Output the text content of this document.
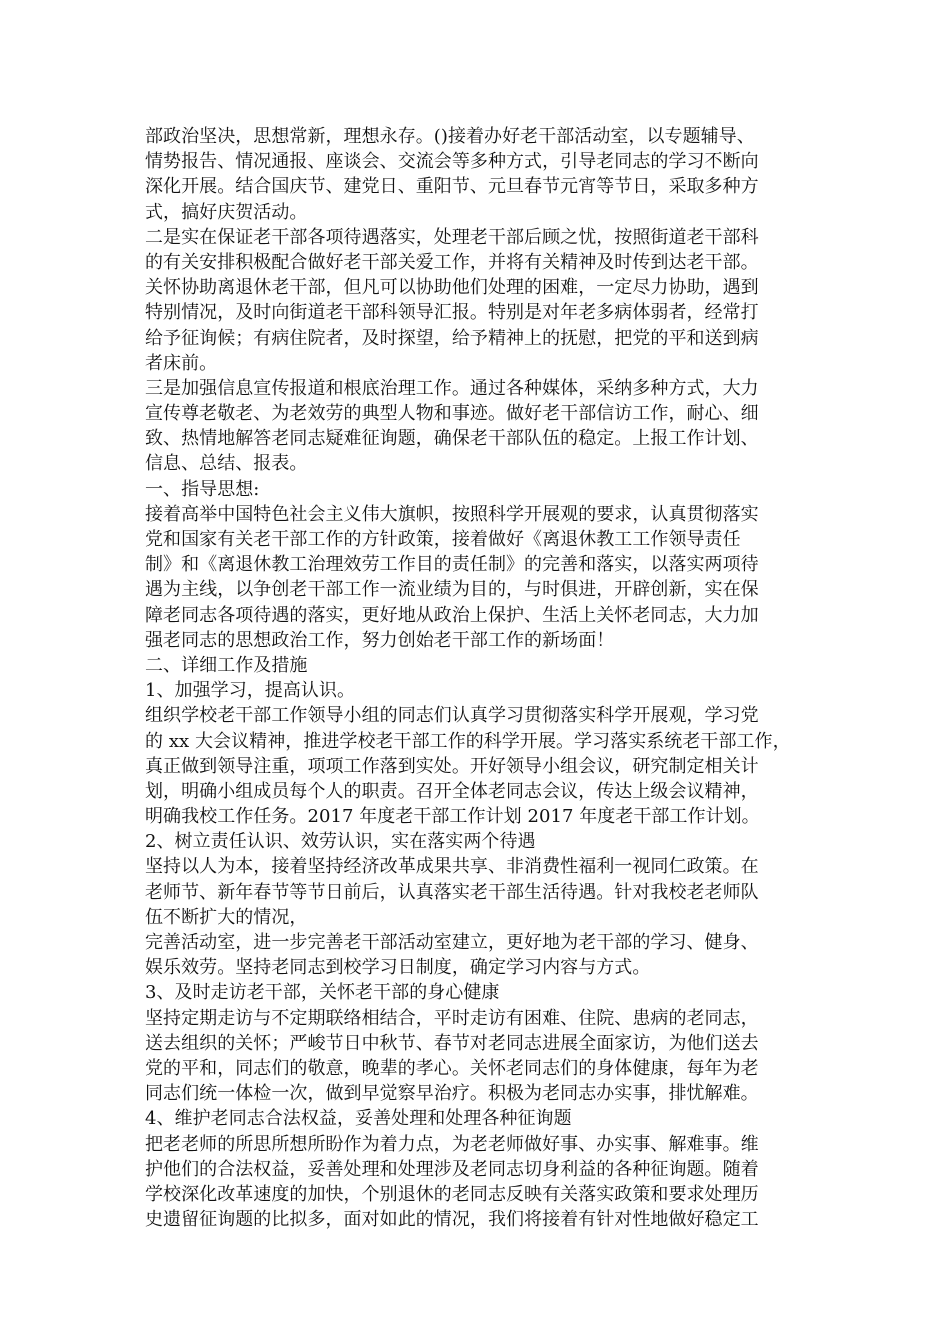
部政治坚决，思想常新，理想永存。()接着办好老干部活动室，以专题辅导、
情势报告、情况通报、座谈会、交流会等多种方式，引导老同志的学习不断向
深化开展。结合国庆节、建党日、重阳节、元旦春节元宵等节日，采取多种方
式，搞好庆贺活动。
二是实在保证老干部各项待遇落实，处理老干部后顾之忧，按照街道老干部科
的有关安排积极配合做好老干部关爱工作，并将有关精神及时传到达老干部。
关怀协助离退休老干部，但凡可以协助他们处理的困难，一定尽力协助，遇到
特别情况，及时向街道老干部科领导汇报。特别是对年老多病体弱者，经常打
给予征询候；有病住院者，及时探望，给予精神上的抚慰，把党的平和送到病
者床前。
三是加强信息宣传报道和根底治理工作。通过各种媒体，采纳多种方式，大力
宣传尊老敬老、为老效劳的典型人物和事迹。做好老干部信访工作，耐心、细
致、热情地解答老同志疑难征询题，确保老干部队伍的稳定。上报工作计划、
信息、总结、报表。
一、指导思想:
接着高举中国特色社会主义伟大旗帜，按照科学开展观的要求，认真贯彻落实
党和国家有关老干部工作的方针政策，接着做好《离退休教工工作领导责任
制》和《离退休教工治理效劳工作目的责任制》的完善和落实，以落实两项待
遇为主线，以争创老干部工作一流业绩为目的，与时俱进，开辟创新，实在保
障老同志各项待遇的落实，更好地从政治上保护、生活上关怀老同志，大力加
强老同志的思想政治工作，努力创始老干部工作的新场面！
二、详细工作及措施
1、加强学习，提高认识。
组织学校老干部工作领导小组的同志们认真学习贯彻落实科学开展观，学习党
的 xx 大会议精神，推进学校老干部工作的科学开展。学习落实系统老干部工作，
真正做到领导注重，项项工作落到实处。开好领导小组会议，研究制定相关计
划，明确小组成员每个人的职责。召开全体老同志会议，传达上级会议精神，
明确我校工作任务。2017 年度老干部工作计划 2017 年度老干部工作计划。
2、树立责任认识、效劳认识，实在落实两个待遇
坚持以人为本，接着坚持经济改革成果共享、非消费性福利一视同仁政策。在
老师节、新年春节等节日前后，认真落实老干部生活待遇。针对我校老老师队
伍不断扩大的情况，
完善活动室，进一步完善老干部活动室建立，更好地为老干部的学习、健身、
娱乐效劳。坚持老同志到校学习日制度，确定学习内容与方式。
3、及时走访老干部，关怀老干部的身心健康
坚持定期走访与不定期联络相结合，平时走访有困难、住院、患病的老同志，
送去组织的关怀；严峻节日中秋节、春节对老同志进展全面家访，为他们送去
党的平和，同志们的敬意，晚辈的孝心。关怀老同志们的身体健康，每年为老
同志们统一体检一次，做到早觉察早治疗。积极为老同志办实事，排忧解难。
4、维护老同志合法权益，妥善处理和处理各种征询题
把老老师的所思所想所盼作为着力点，为老老师做好事、办实事、解难事。维
护他们的合法权益，妥善处理和处理涉及老同志切身利益的各种征询题。随着
学校深化改革速度的加快，个别退休的老同志反映有关落实政策和要求处理历
史遗留征询题的比拟多，面对如此的情况，我们将接着有针对性地做好稳定工
